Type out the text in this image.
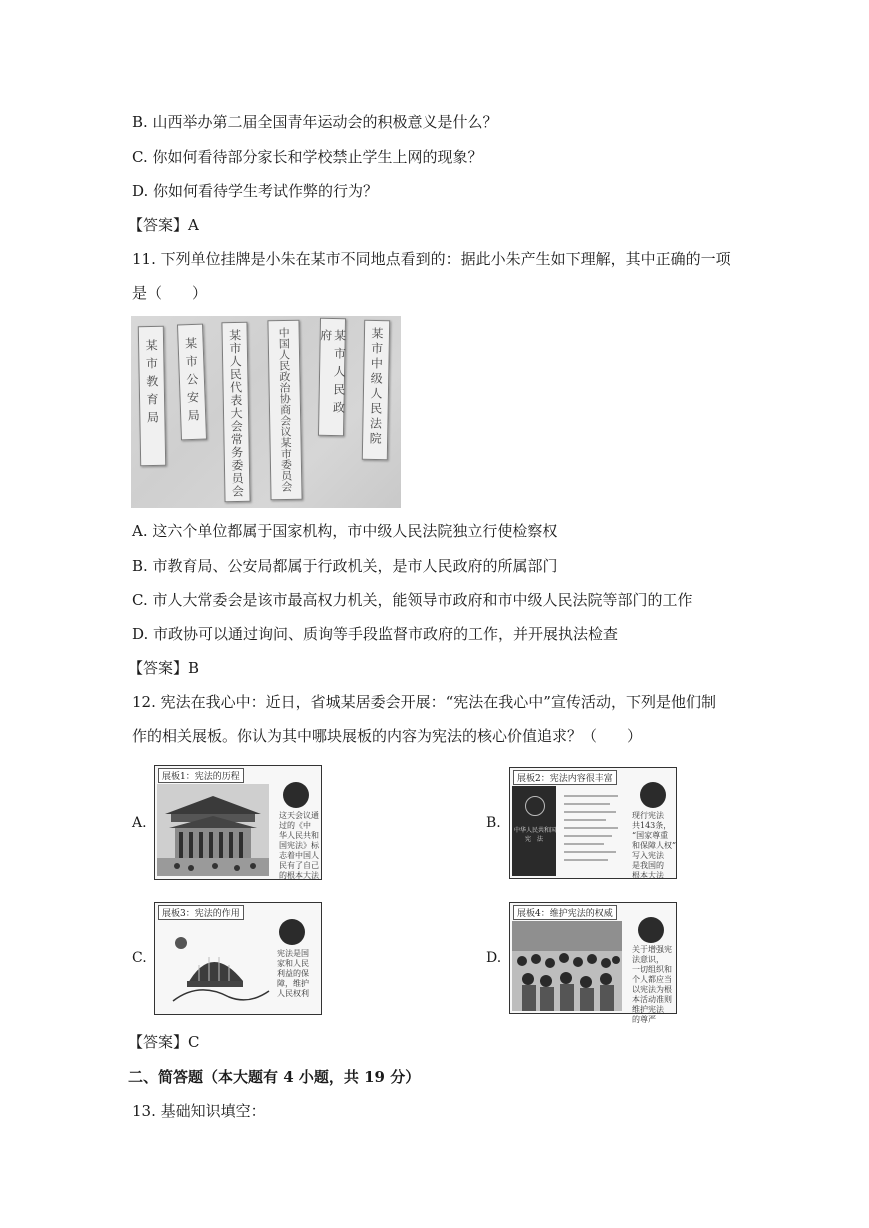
B. 山西举办第二届全国青年运动会的积极意义是什么？
C. 你如何看待部分家长和学校禁止学生上网的现象？
D. 你如何看待学生考试作弊的行为？
【答案】A
11. 下列单位挂牌是小朱在某市不同地点看到的：据此小朱产生如下理解，其中正确的一项
是（　　）
某市教育局 某市公安局 某市人民代表大会常务委员会	中国人民政治协商会议某市委员会	某市人民政府	某市中级人民法院
A. 这六个单位都属于国家机构，市中级人民法院独立行使检察权
B. 市教育局、公安局都属于行政机关，是市人民政府的所属部门
C. 市人大常委会是该市最高权力机关，能领导市政府和市中级人民法院等部门的工作
D. 市政协可以通过询问、质询等手段监督市政府的工作，并开展执法检查
【答案】B
12. 宪法在我心中：近日，省城某居委会开展：“宪法在我心中”宣传活动，下列是他们制
作的相关展板。你认为其中哪块展板的内容为宪法的核心价值追求？（　　）
A.	B.
C.	D.
展板1：宪法的历程
这天会议通
过的《中
华人民共和
国宪法》标
志着中国人
民有了自己
的根本大法
展板2：宪法内容很丰富
中华人民共和国
宪　法
现行宪法
共143条，
“国家尊重
和保障人权”
写入宪法
是我国的
根本大法
展板3：宪法的作用
宪法是国
家和人民
利益的保
障，维护
人民权利
展板4：维护宪法的权威
关于增强宪
法意识，
一切组织和
个人都应当
以宪法为根
本活动准则
维护宪法
的尊严
【答案】C
二、简答题（本大题有 4 小题，共 19 分）
13. 基础知识填空：
